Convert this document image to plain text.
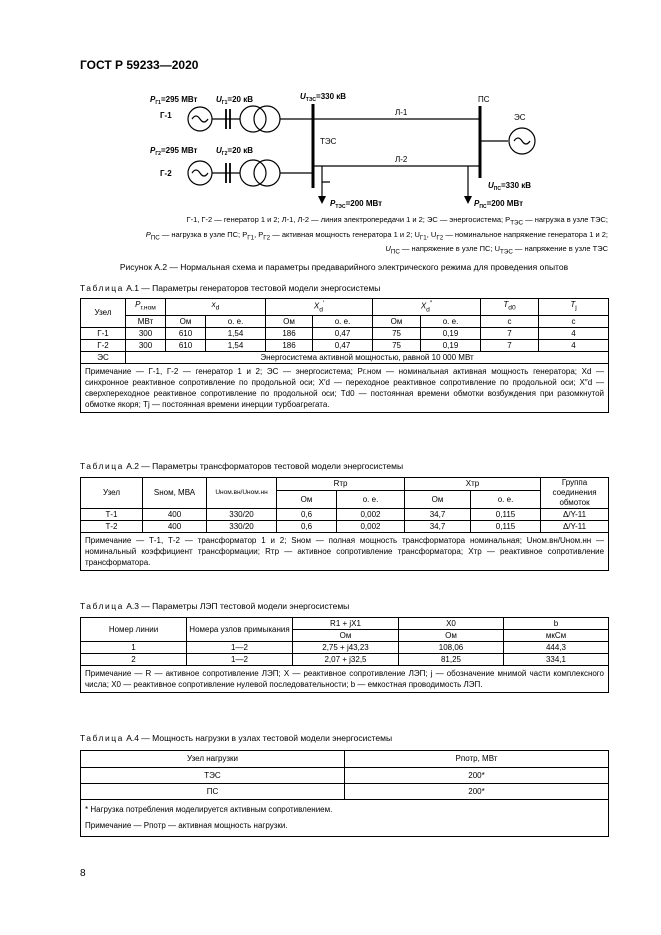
ГОСТ Р 59233—2020
Г-1
Г-2
$P_{Г1}=295$ МВт $U_{Г1}=20$ кВ
$P_{Г2}=295$ МВт $U_{Г2}=20$ кВ
$U_{ТЭС}=330$ кВ
ТЭС
ПС
ЭС
Л-1
Л-2
$P_{ТЭС}=200$ МВт	$P_{ПС}=200$ МВт
$U_{ПС}=330$ кВ
Г-1, Г-2 — генератор 1 и 2; Л-1, Л-2 — линия электропередачи 1 и 2; ЭС — энергосистема; $P_{ТЭС}$ — нагрузка в узле ТЭС;
$P_{ПС}$ — нагрузка в узле ПС; $P_{Г1}$, $P_{Г2}$ — активная мощность генератора 1 и 2; $U_{Г1}$, $U_{Г2}$ — номинальное напряжение генератора 1 и 2;
$U_{ПС}$ — напряжение в узле ПС; $U_{ТЭС}$ — напряжение в узле ТЭС
Рисунок А.2 — Нормальная схема и параметры предаварийного электрического режима для проведения опытов
Таблица А.1 — Параметры генераторов тестовой модели энергосистемы
Узел	$P_{г.ном}$	$x_d$		$X_d'$		$X_d''$		$T_{d0}$	$T_j$
	МВт	Ом	о. е.	Ом	о. е.	Ом	о. е.	с	с
Г-1	300	610	1,54	186	0,47	75	0,19	7	4
Г-2	300	610	1,54	186	0,47	75	0,19	7	4
ЭС	Энергосистема активной мощностью, равной 10 000 МВт								
Примечание — Г-1, Г-2 — генератор 1 и 2; ЭС — энергосистема; Pг.ном — номинальная активная мощность генератора; Xd — синхронное реактивное сопротивление по продольной оси; X′d — переходное реактивное сопротивление по продольной оси; X″d — сверхпереходное реактивное сопротивление по продольной оси; Td0 — постоянная времени обмотки возбуждения при разомкнутой обмотке якоря; Tj — постоянная времени инерции турбоагрегата.									
Таблица А.2 — Параметры трансформаторов тестовой модели энергосистемы
Узел	Sном, МВА	Uном.вн/Uном.нн	Rтр		Xтр		Группа соединения обмоток
			Ом	о. е.	Ом	о. е.	
Т-1	400	330/20	0,6	0,002	34,7	0,115	Δ/Y-11
Т-2	400	330/20	0,6	0,002	34,7	0,115	Δ/Y-11
Примечание — Т-1, Т-2 — трансформатор 1 и 2; Sном — полная мощность трансформатора номинальная; Uном.вн/Uном.нн — номинальный коэффициент трансформации; Rтр — активное сопротивление трансформатора; Xтр — реактивное сопротивление трансформатора.							
Таблица А.3 — Параметры ЛЭП тестовой модели энергосистемы
Номер линии	Номера узлов примыкания	R1 + jX1	X0	b
		Ом	Ом	мкСм
1	1—2	2,75 + j43,23	108,06	444,3
2	1—2	2,07 + j32,5	81,25	334,1
Примечание — R — активное сопротивление ЛЭП; X — реактивное сопротивление ЛЭП; j — обозначение мнимой части комплексного числа; X0 — реактивное сопротивление нулевой последовательности; b — емкостная проводимость ЛЭП.				
Таблица А.4 — Мощность нагрузки в узлах тестовой модели энергосистемы
Узел нагрузки	Pпотр, МВт
ТЭС	200*
ПС	200*

* Нагрузка потребления моделируется активным сопротивлением.
Примечание — Pпотр — активная мощность нагрузки.	
8
